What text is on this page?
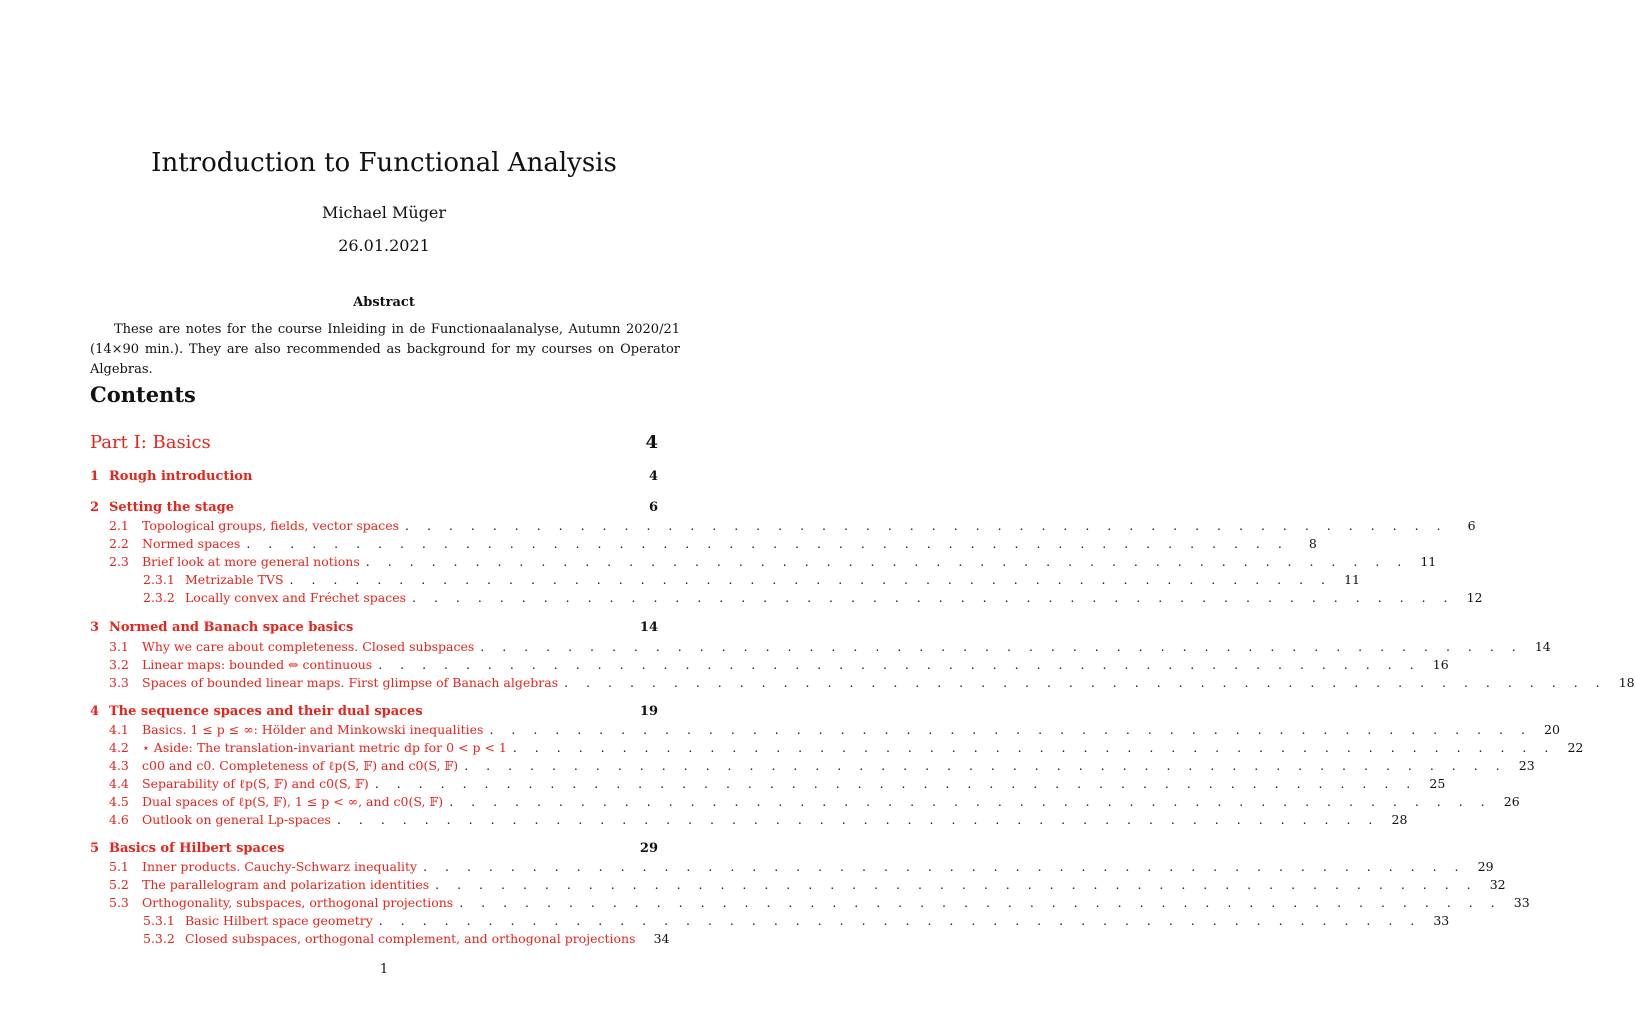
Introduction to Functional Analysis
Michael Müger
26.01.2021
Abstract
These are notes for the course Inleiding in de Functionaalanalyse, Autumn 2020/21 (14×90 min.). They are also recommended as background for my courses on Operator Algebras.
Contents
Part I: Basics	4
1 Rough introduction	4
2 Setting the stage	6
2.1	Topological groups, fields, vector spaces . . . . . . . . . . . . . . . . . . . . . . . . . . . . . . . . . . . . . . . . . . . . . . . .	6
2.2	Normed spaces . . . . . . . . . . . . . . . . . . . . . . . . . . . . . . . . . . . . . . . . . . . . . . . .	8
2.3	Brief look at more general notions . . . . . . . . . . . . . . . . . . . . . . . . . . . . . . . . . . . . . . . . . . . . . . . . 11
2.3.1 Metrizable TVS . . . . . . . . . . . . . . . . . . . . . . . . . . . . . . . . . . . . . . . . . . . . . . . . 11
2.3.2 Locally convex and Fréchet spaces . . . . . . . . . . . . . . . . . . . . . . . . . . . . . . . . . . . . . . . . . . . . . . . . 12
3 Normed and Banach space basics	14
3.1	Why we care about completeness. Closed subspaces . . . . . . . . . . . . . . . . . . . . . . . . . . . . . . . . . . . . . . . . . . . . . . . . 14
3.2	Linear maps: bounded ⇔ continuous . . . . . . . . . . . . . . . . . . . . . . . . . . . . . . . . . . . . . . . . . . . . . . . . 16
3.3	Spaces of bounded linear maps. First glimpse of Banach algebras . . . . . . . . . . . . . . . . . . . . . . . . . . . . . . . . . . . . . . . . . . . . . . . . 18
4 The sequence spaces and their dual spaces	19
4.1	Basics. 1 ≤ p ≤ ∞: Hölder and Minkowski inequalities . . . . . . . . . . . . . . . . . . . . . . . . . . . . . . . . . . . . . . . . . . . . . . . . 20
4.2	⋆ Aside: The translation-invariant metric dp for 0 < p < 1 . . . . . . . . . . . . . . . . . . . . . . . . . . . . . . . . . . . . . . . . . . . . . . . . 22
4.3	c00 and c0. Completeness of ℓp(S, 𝔽) and c0(S, 𝔽) . . . . . . . . . . . . . . . . . . . . . . . . . . . . . . . . . . . . . . . . . . . . . . . . 23
4.4	Separability of ℓp(S, 𝔽) and c0(S, 𝔽) . . . . . . . . . . . . . . . . . . . . . . . . . . . . . . . . . . . . . . . . . . . . . . . . 25
4.5	Dual spaces of ℓp(S, 𝔽), 1 ≤ p < ∞, and c0(S, 𝔽) . . . . . . . . . . . . . . . . . . . . . . . . . . . . . . . . . . . . . . . . . . . . . . . . 26
4.6	Outlook on general Lp-spaces . . . . . . . . . . . . . . . . . . . . . . . . . . . . . . . . . . . . . . . . . . . . . . . . 28
5 Basics of Hilbert spaces	29
5.1	Inner products. Cauchy-Schwarz inequality . . . . . . . . . . . . . . . . . . . . . . . . . . . . . . . . . . . . . . . . . . . . . . . . 29
5.2	The parallelogram and polarization identities . . . . . . . . . . . . . . . . . . . . . . . . . . . . . . . . . . . . . . . . . . . . . . . . 32
5.3	Orthogonality, subspaces, orthogonal projections . . . . . . . . . . . . . . . . . . . . . . . . . . . . . . . . . . . . . . . . . . . . . . . . 33
5.3.1 Basic Hilbert space geometry . . . . . . . . . . . . . . . . . . . . . . . . . . . . . . . . . . . . . . . . . . . . . . . . 33
5.3.2 Closed subspaces, orthogonal complement, and orthogonal projections	34
1
